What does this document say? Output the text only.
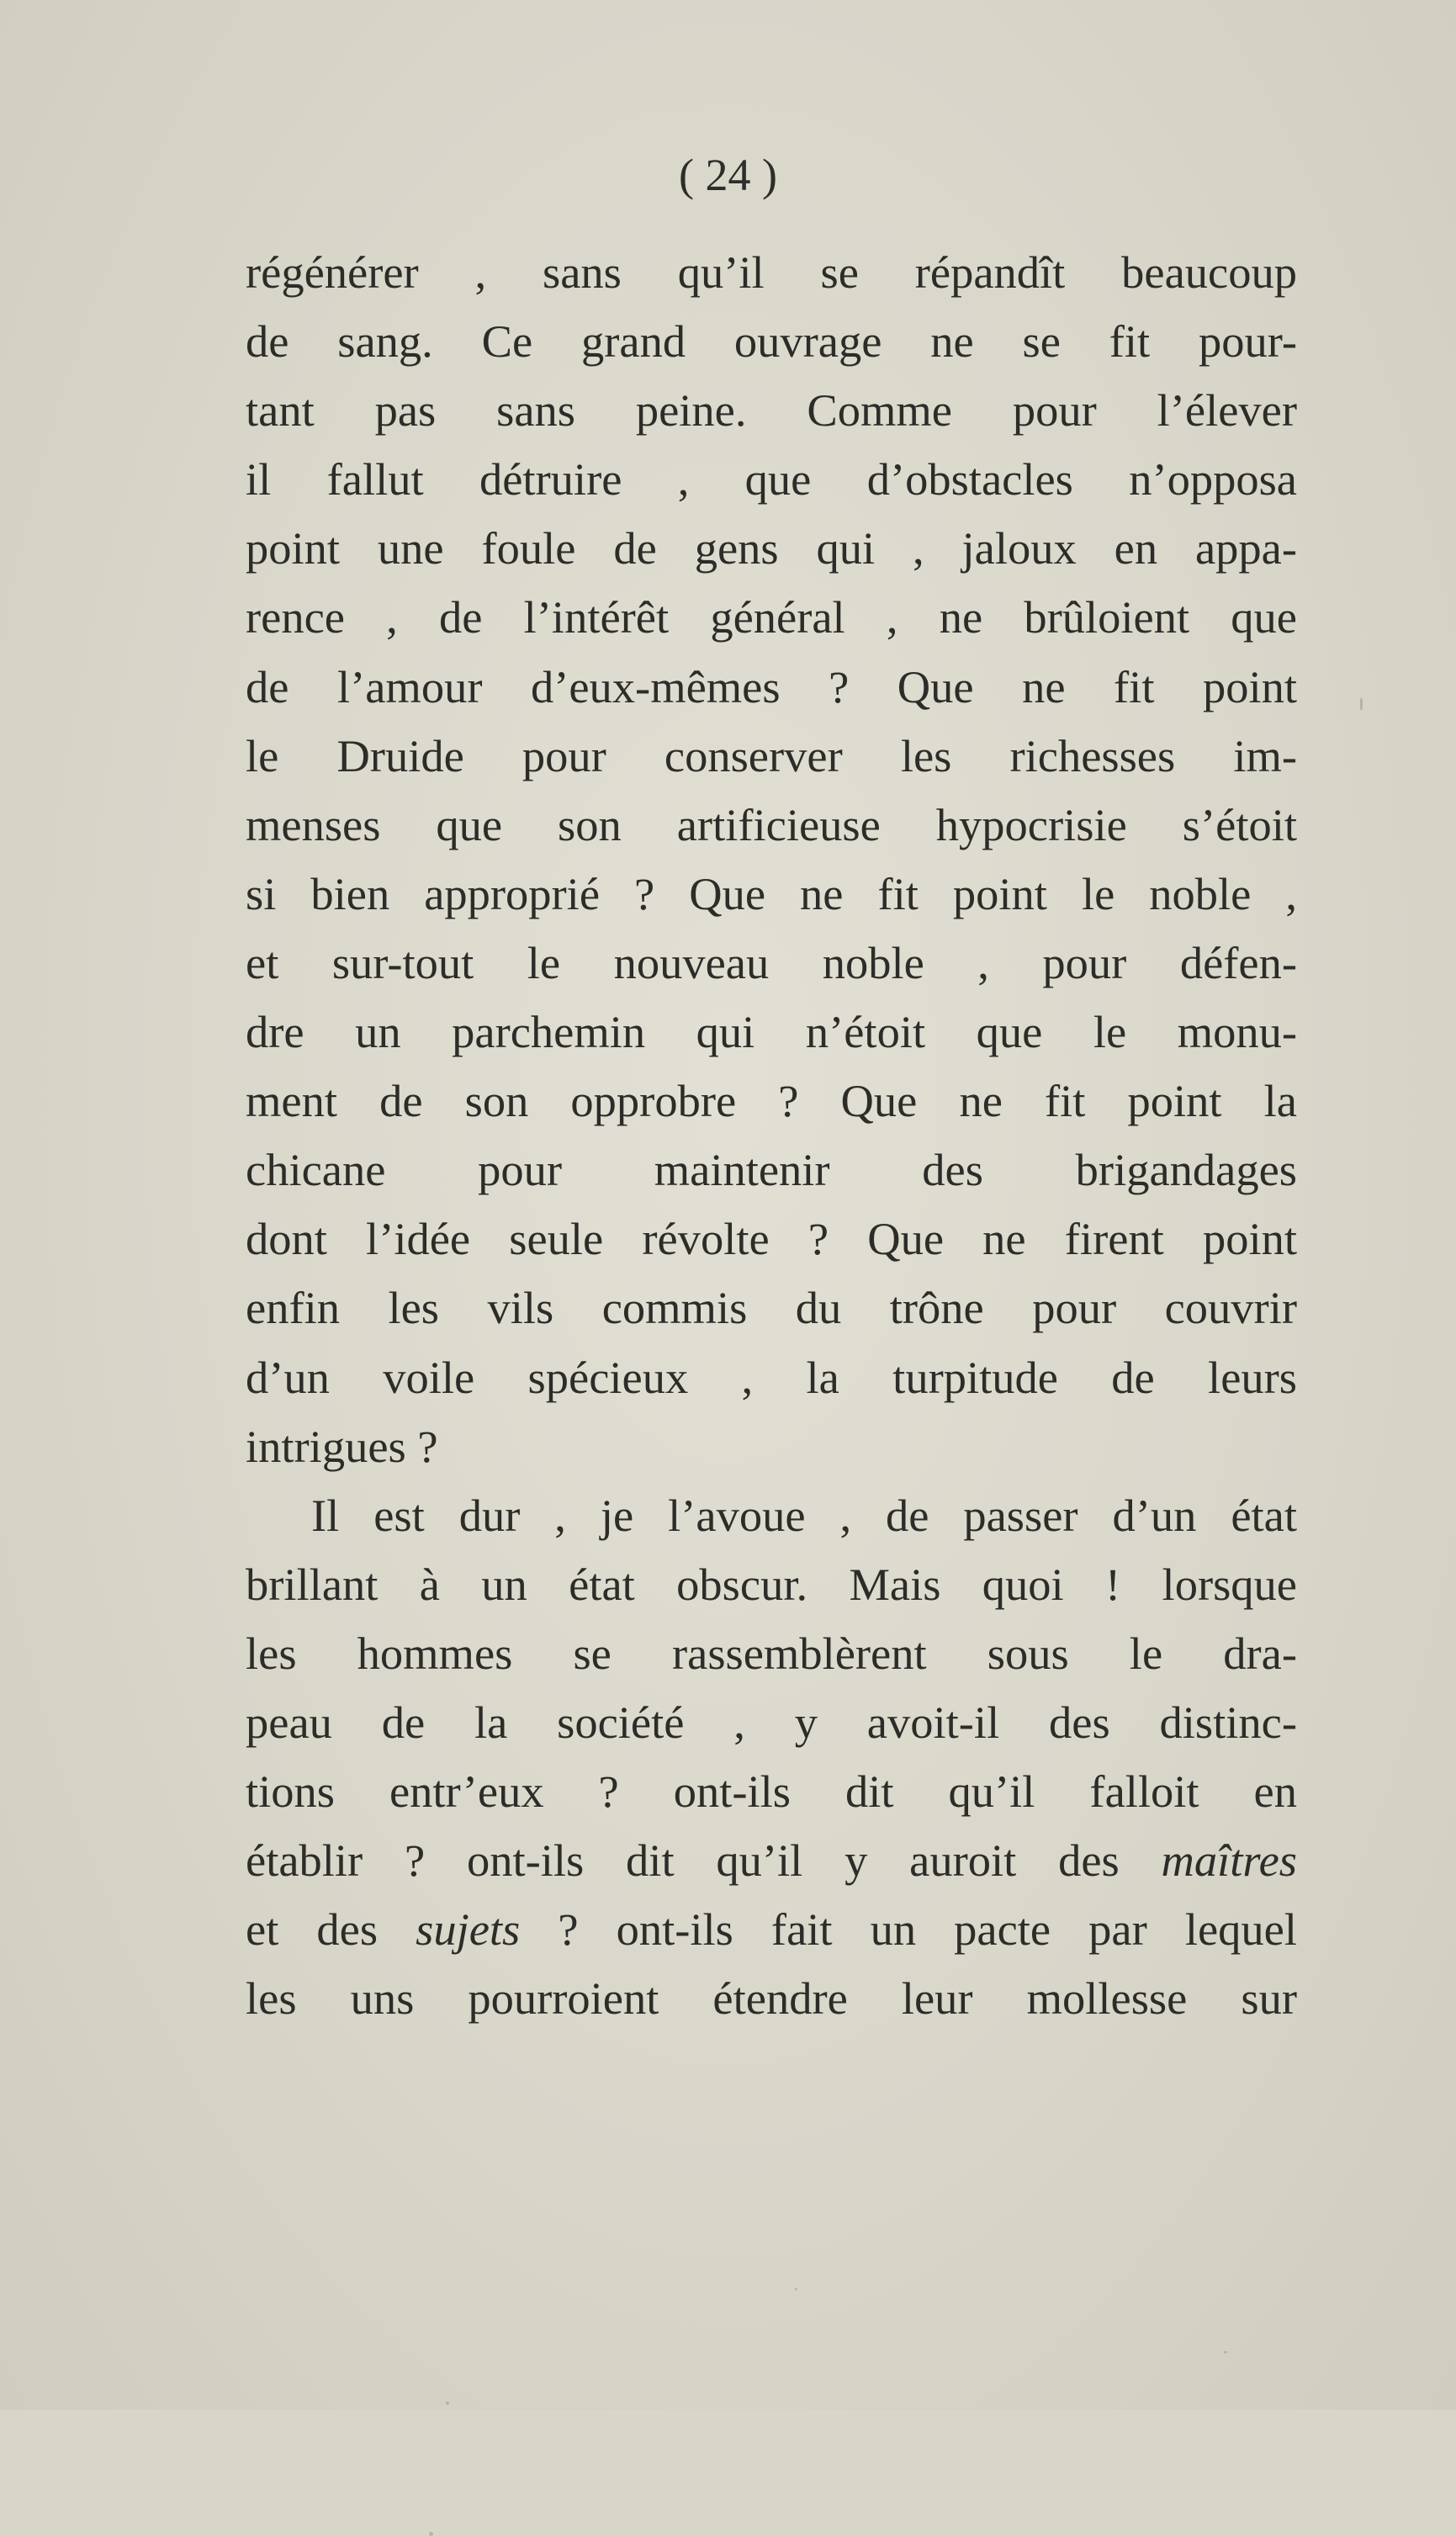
( 24 )
régénérer , sans qu’il se répandît beaucoup
de sang. Ce grand ouvrage ne se fit pour-
tant pas sans peine. Comme pour l’élever
il fallut détruire , que d’obstacles n’opposa
point une foule de gens qui , jaloux en appa-
rence , de l’intérêt général , ne brûloient que
de l’amour d’eux-mêmes ? Que ne fit point
le Druide pour conserver les richesses im-
menses que son artificieuse hypocrisie s’étoit
si bien approprié ? Que ne fit point le noble ,
et sur-tout le nouveau noble , pour défen-
dre un parchemin qui n’étoit que le monu-
ment de son opprobre ? Que ne fit point la
chicane pour maintenir des brigandages
dont l’idée seule révolte ? Que ne firent point
enfin les vils commis du trône pour couvrir
d’un voile spécieux , la turpitude de leurs
intrigues ?
Il est dur , je l’avoue , de passer d’un état
brillant à un état obscur. Mais quoi ! lorsque
les hommes se rassemblèrent sous le dra-
peau de la société , y avoit-il des distinc-
tions entr’eux ? ont-ils dit qu’il falloit en
établir ? ont-ils dit qu’il y auroit des maîtres
et des sujets ? ont-ils fait un pacte par lequel
les uns pourroient étendre leur mollesse sur
